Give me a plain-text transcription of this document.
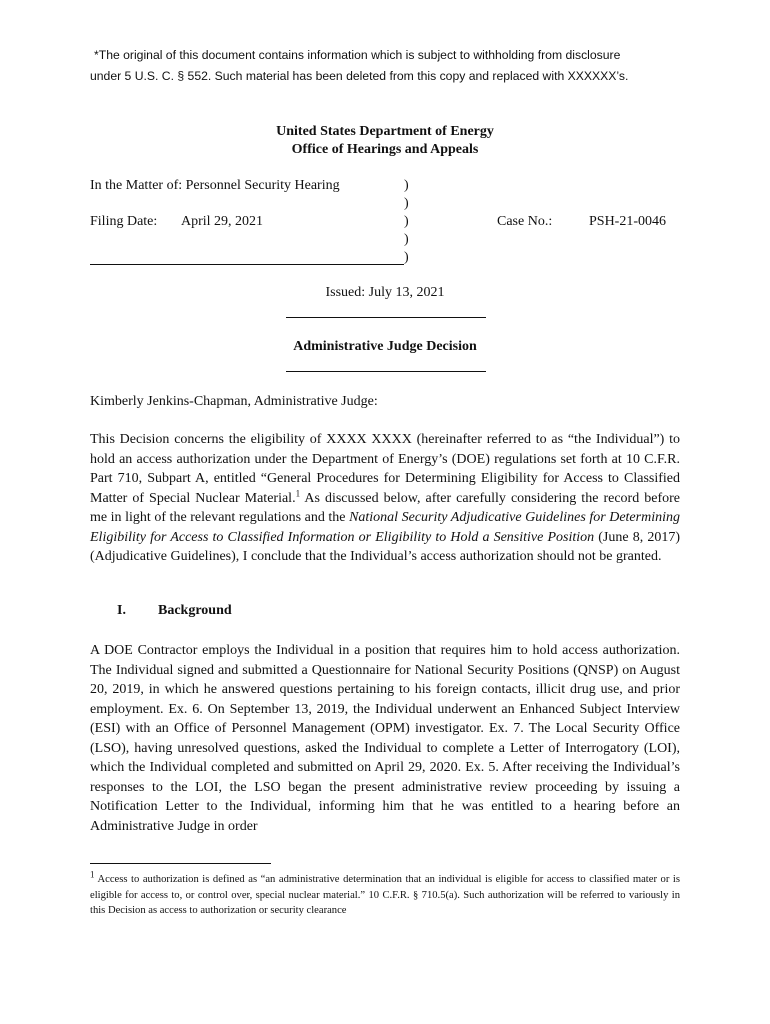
*The original of this document contains information which is subject to withholding from disclosure

under 5 U.S. C. § 552. Such material has been deleted from this copy and replaced with XXXXXX’s.

United States Department of Energy
Office of Hearings and Appeals
In the Matter of: Personnel Security Hearing	)
)
Filing Date: April 29, 2021	)	Case No.:	PSH-21-0046
)
)
Issued: July 13, 2021
Administrative Judge Decision
Kimberly Jenkins-Chapman, Administrative Judge:

This Decision concerns the eligibility of XXXX XXXX (hereinafter referred to as “the Individual”) to hold an access authorization under the Department of Energy’s (DOE) regulations set forth at 10 C.F.R. Part 710, Subpart A, entitled “General Procedures for Determining Eligibility for Access to Classified Matter of Special Nuclear Material.$^1$ As discussed below, after carefully considering the record before me in light of the relevant regulations and the National Security Adjudicative Guidelines for Determining Eligibility for Access to Classified Information or Eligibility to Hold a Sensitive Position (June 8, 2017) (Adjudicative Guidelines), I conclude that the Individual’s access authorization should not be granted.

I. Background

A DOE Contractor employs the Individual in a position that requires him to hold access authorization. The Individual signed and submitted a Questionnaire for National Security Positions (QNSP) on August 20, 2019, in which he answered questions pertaining to his foreign contacts, illicit drug use, and prior employment. Ex. 6. On September 13, 2019, the Individual underwent an Enhanced Subject Interview (ESI) with an Office of Personnel Management (OPM) investigator. Ex. 7. The Local Security Office (LSO), having unresolved questions, asked the Individual to complete a Letter of Interrogatory (LOI), which the Individual completed and submitted on April 29, 2020. Ex. 5. After receiving the Individual’s responses to the LOI, the LSO began the present administrative review proceeding by issuing a Notification Letter to the Individual, informing him that he was entitled to a hearing before an Administrative Judge in order

$^1$ Access to authorization is defined as “an administrative determination that an individual is eligible for access to classified mater or is eligible for access to, or control over, special nuclear material.” 10 C.F.R. § 710.5(a). Such authorization will be referred to variously in this Decision as access to authorization or security clearance
